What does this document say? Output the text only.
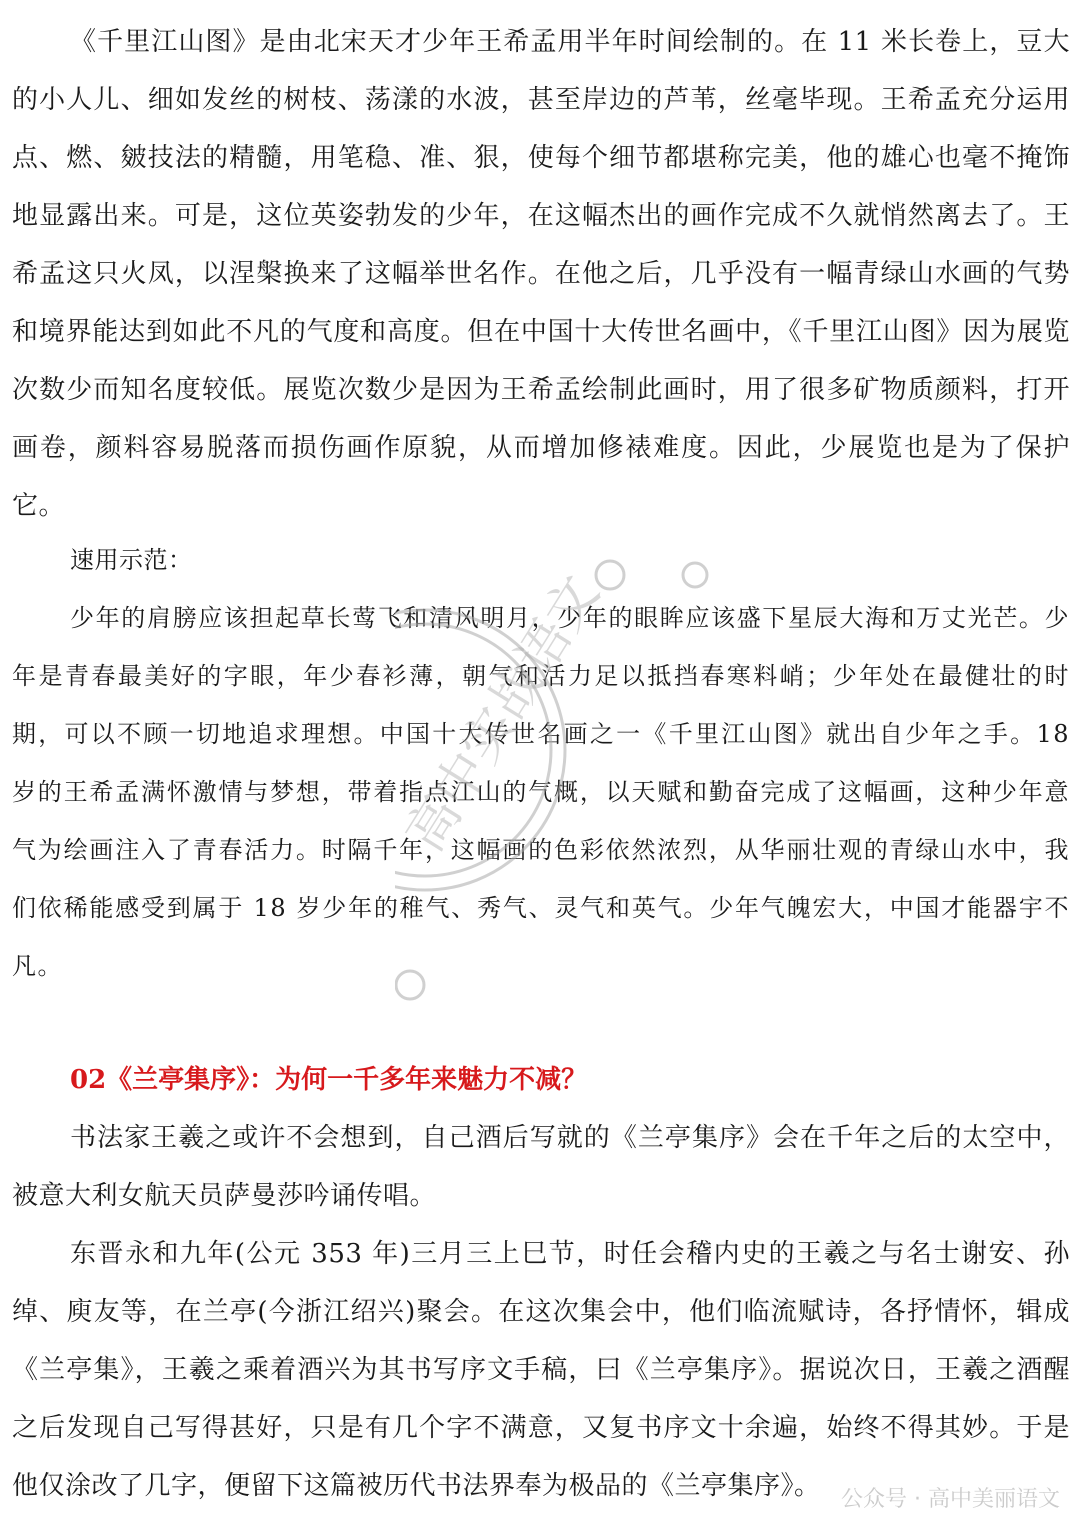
《千里江山图》是由北宋天才少年王希孟用半年时间绘制的。在 11 米长卷上，豆大的小人儿、细如发丝的树枝、荡漾的水波，甚至岸边的芦苇，丝毫毕现。王希孟充分运用点、燃、皴技法的精髓，用笔稳、准、狠，使每个细节都堪称完美，他的雄心也毫不掩饰地显露出来。可是，这位英姿勃发的少年，在这幅杰出的画作完成不久就悄然离去了。王希孟这只火凤，以涅槃换来了这幅举世名作。在他之后，几乎没有一幅青绿山水画的气势和境界能达到如此不凡的气度和高度。但在中国十大传世名画中，《千里江山图》因为展览次数少而知名度较低。展览次数少是因为王希孟绘制此画时，用了很多矿物质颜料，打开画卷，颜料容易脱落而损伤画作原貌，从而增加修裱难度。因此，少展览也是为了保护它。

速用示范：

少年的肩膀应该担起草长莺飞和清风明月，少年的眼眸应该盛下星辰大海和万丈光芒。少年是青春最美好的字眼，年少春衫薄，朝气和活力足以抵挡春寒料峭；少年处在最健壮的时期，可以不顾一切地追求理想。中国十大传世名画之一《千里江山图》就出自少年之手。18 岁的王希孟满怀激情与梦想，带着指点江山的气概，以天赋和勤奋完成了这幅画，这种少年意气为绘画注入了青春活力。时隔千年，这幅画的色彩依然浓烈，从华丽壮观的青绿山水中，我们依稀能感受到属于 18 岁少年的稚气、秀气、灵气和英气。少年气魄宏大，中国才能器宇不凡。

02《兰亭集序》：为何一千多年来魅力不减？

书法家王羲之或许不会想到，自己酒后写就的《兰亭集序》会在千年之后的太空中，被意大利女航天员萨曼莎吟诵传唱。

东晋永和九年(公元 353 年)三月三上巳节，时任会稽内史的王羲之与名士谢安、孙绰、庾友等，在兰亭(今浙江绍兴)聚会。在这次集会中，他们临流赋诗，各抒情怀，辑成《兰亭集》，王羲之乘着酒兴为其书写序文手稿，曰《兰亭集序》。据说次日，王羲之酒醒之后发现自己写得甚好，只是有几个字不满意，又复书序文十余遍，始终不得其妙。于是他仅涂改了几字，便留下这篇被历代书法界奉为极品的《兰亭集序》。

高中实战语文
公众号 · 高中美丽语文
